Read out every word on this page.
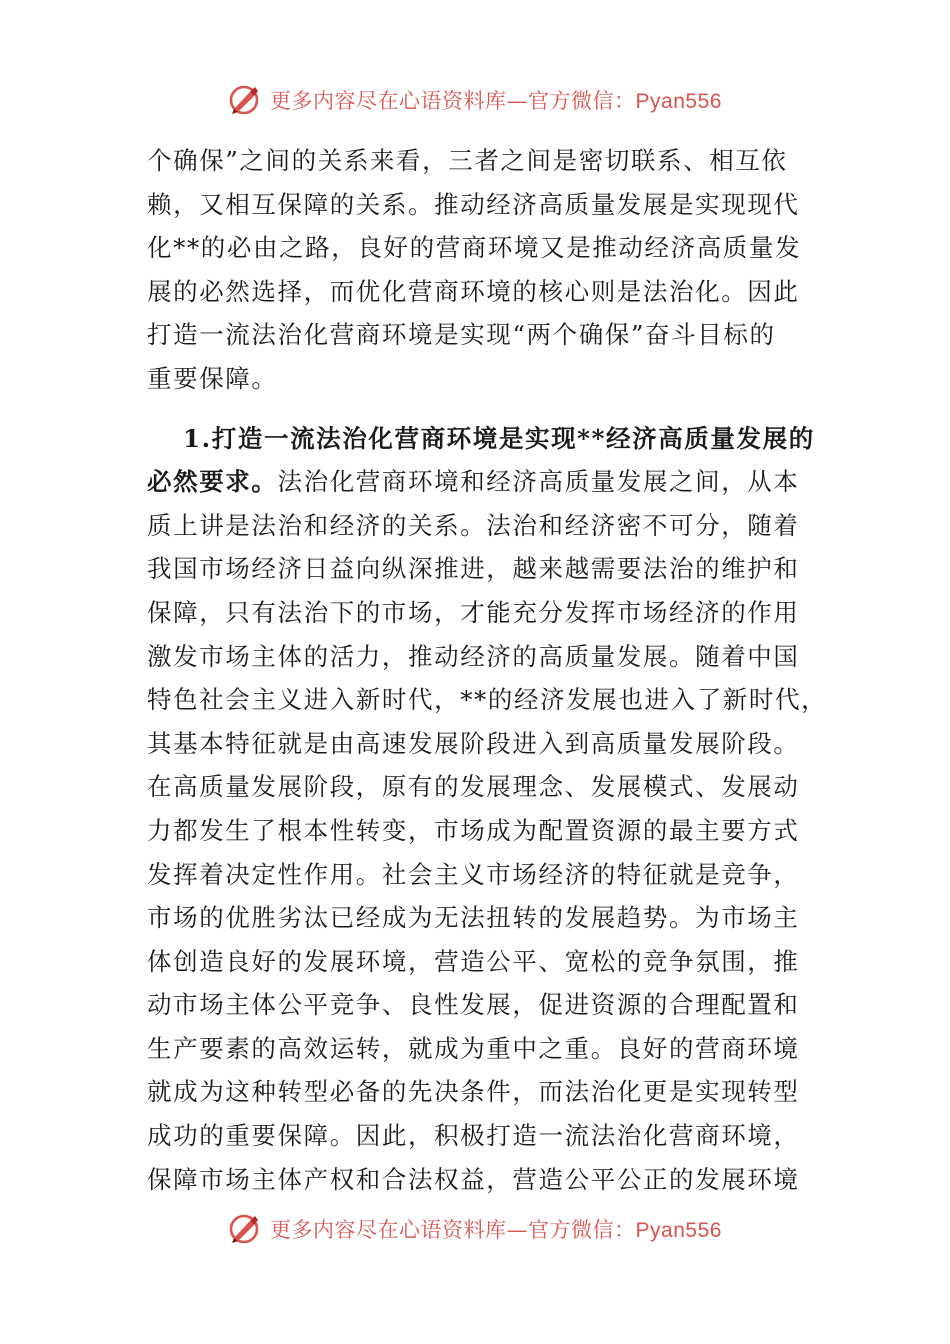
更多内容尽在心语资料库—官方微信：Pyan556
个确保”之间的关系来看，三者之间是密切联系、相互依
赖，又相互保障的关系。推动经济高质量发展是实现现代
化**的必由之路，良好的营商环境又是推动经济高质量发
展的必然选择，而优化营商环境的核心则是法治化。因此
打造一流法治化营商环境是实现“两个确保”奋斗目标的
重要保障。
1.打造一流法治化营商环境是实现**经济高质量发展的
必然要求。法治化营商环境和经济高质量发展之间，从本
质上讲是法治和经济的关系。法治和经济密不可分，随着
我国市场经济日益向纵深推进，越来越需要法治的维护和
保障，只有法治下的市场，才能充分发挥市场经济的作用
激发市场主体的活力，推动经济的高质量发展。随着中国
特色社会主义进入新时代，**的经济发展也进入了新时代，
其基本特征就是由高速发展阶段进入到高质量发展阶段。
在高质量发展阶段，原有的发展理念、发展模式、发展动
力都发生了根本性转变，市场成为配置资源的最主要方式
发挥着决定性作用。社会主义市场经济的特征就是竞争，
市场的优胜劣汰已经成为无法扭转的发展趋势。为市场主
体创造良好的发展环境，营造公平、宽松的竞争氛围，推
动市场主体公平竞争、良性发展，促进资源的合理配置和
生产要素的高效运转，就成为重中之重。良好的营商环境
就成为这种转型必备的先决条件，而法治化更是实现转型
成功的重要保障。因此，积极打造一流法治化营商环境，
保障市场主体产权和合法权益，营造公平公正的发展环境
更多内容尽在心语资料库—官方微信：Pyan556
